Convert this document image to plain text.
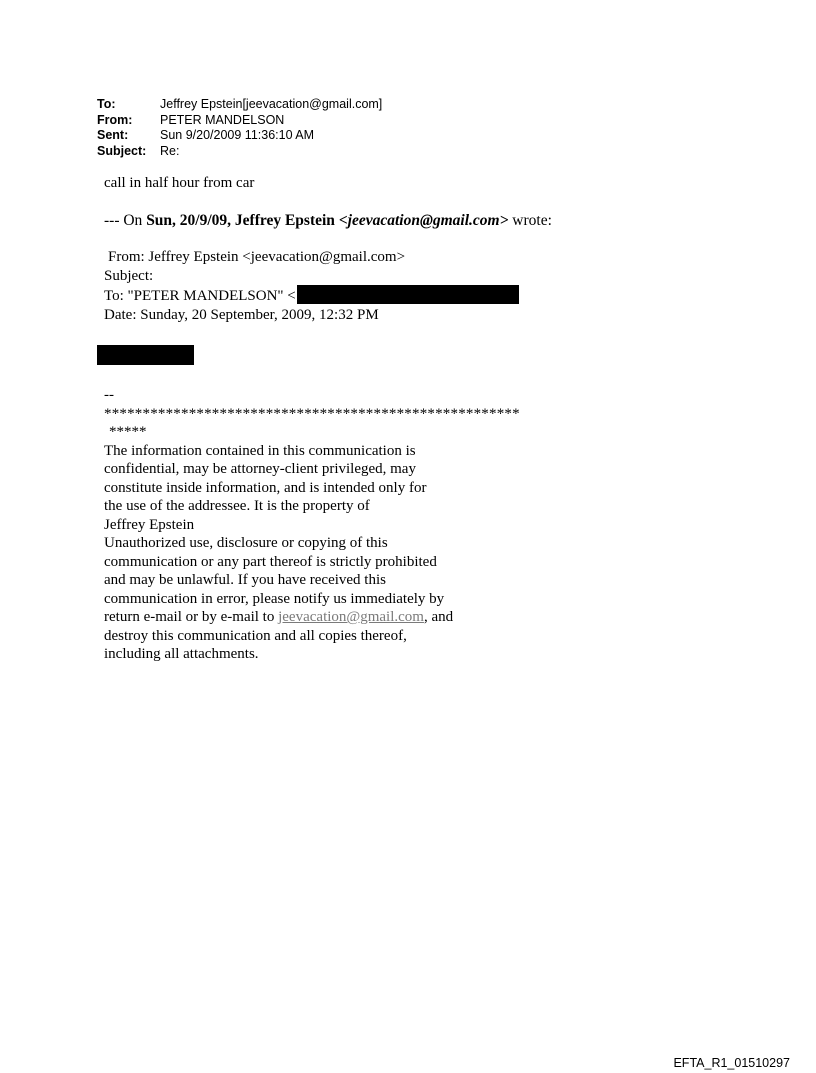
To:	Jeffrey Epstein[jeevacation@gmail.com]
From:	PETER MANDELSON
Sent:	Sun 9/20/2009 11:36:10 AM
Subject:	Re:
call in half hour from car
--- On Sun, 20/9/09, Jeffrey Epstein <jeevacation@gmail.com> wrote:
From: Jeffrey Epstein <jeevacation@gmail.com>
Subject:
To: "PETER MANDELSON" <
Date: Sunday, 20 September, 2009, 12:32 PM
--
******************************************************
*****
The information contained in this communication is
confidential, may be attorney-client privileged, may
constitute inside information, and is intended only for
the use of the addressee. It is the property of
Jeffrey Epstein
Unauthorized use, disclosure or copying of this
communication or any part thereof is strictly prohibited
and may be unlawful. If you have received this
communication in error, please notify us immediately by
return e-mail or by e-mail to jeevacation@gmail.com, and
destroy this communication and all copies thereof,
including all attachments.
EFTA_R1_01510297
